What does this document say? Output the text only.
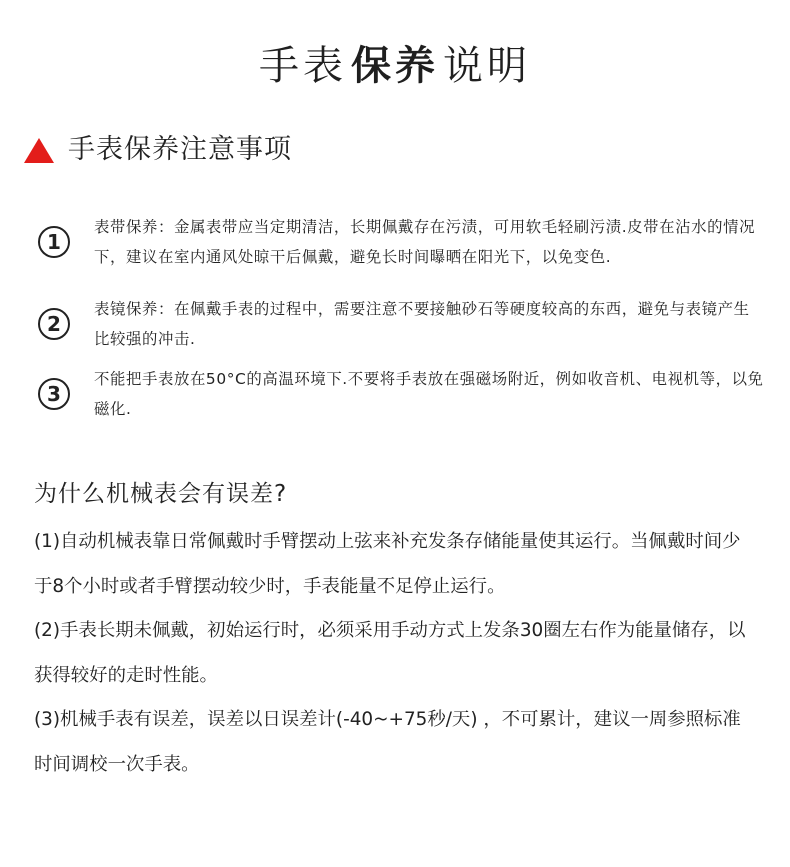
手表 保养 说明
手表保养注意事项
1
表带保养：金属表带应当定期清洁，长期佩戴存在污渍，可用软毛轻刷污渍.皮带在沾水的情况下，建议在室内通风处晾干后佩戴，避免长时间曝晒在阳光下，以免变色.
2
表镜保养：在佩戴手表的过程中，需要注意不要接触砂石等硬度较高的东西，避免与表镜产生比较强的冲击.
3
不能把手表放在50°C的高温环境下.不要将手表放在强磁场附近，例如收音机、电视机等，以免磁化.
为什么机械表会有误差?

(1)自动机械表靠日常佩戴时手臂摆动上弦来补充发条存储能量使其运行。当佩戴时间少于8个小时或者手臂摆动较少时，手表能量不足停止运行。

(2)手表长期未佩戴，初始运行时，必须采用手动方式上发条30圈左右作为能量储存，以获得较好的走时性能。

(3)机械手表有误差，误差以日误差计(-40~+75秒/天) ，不可累计，建议一周参照标准时间调校一次手表。
